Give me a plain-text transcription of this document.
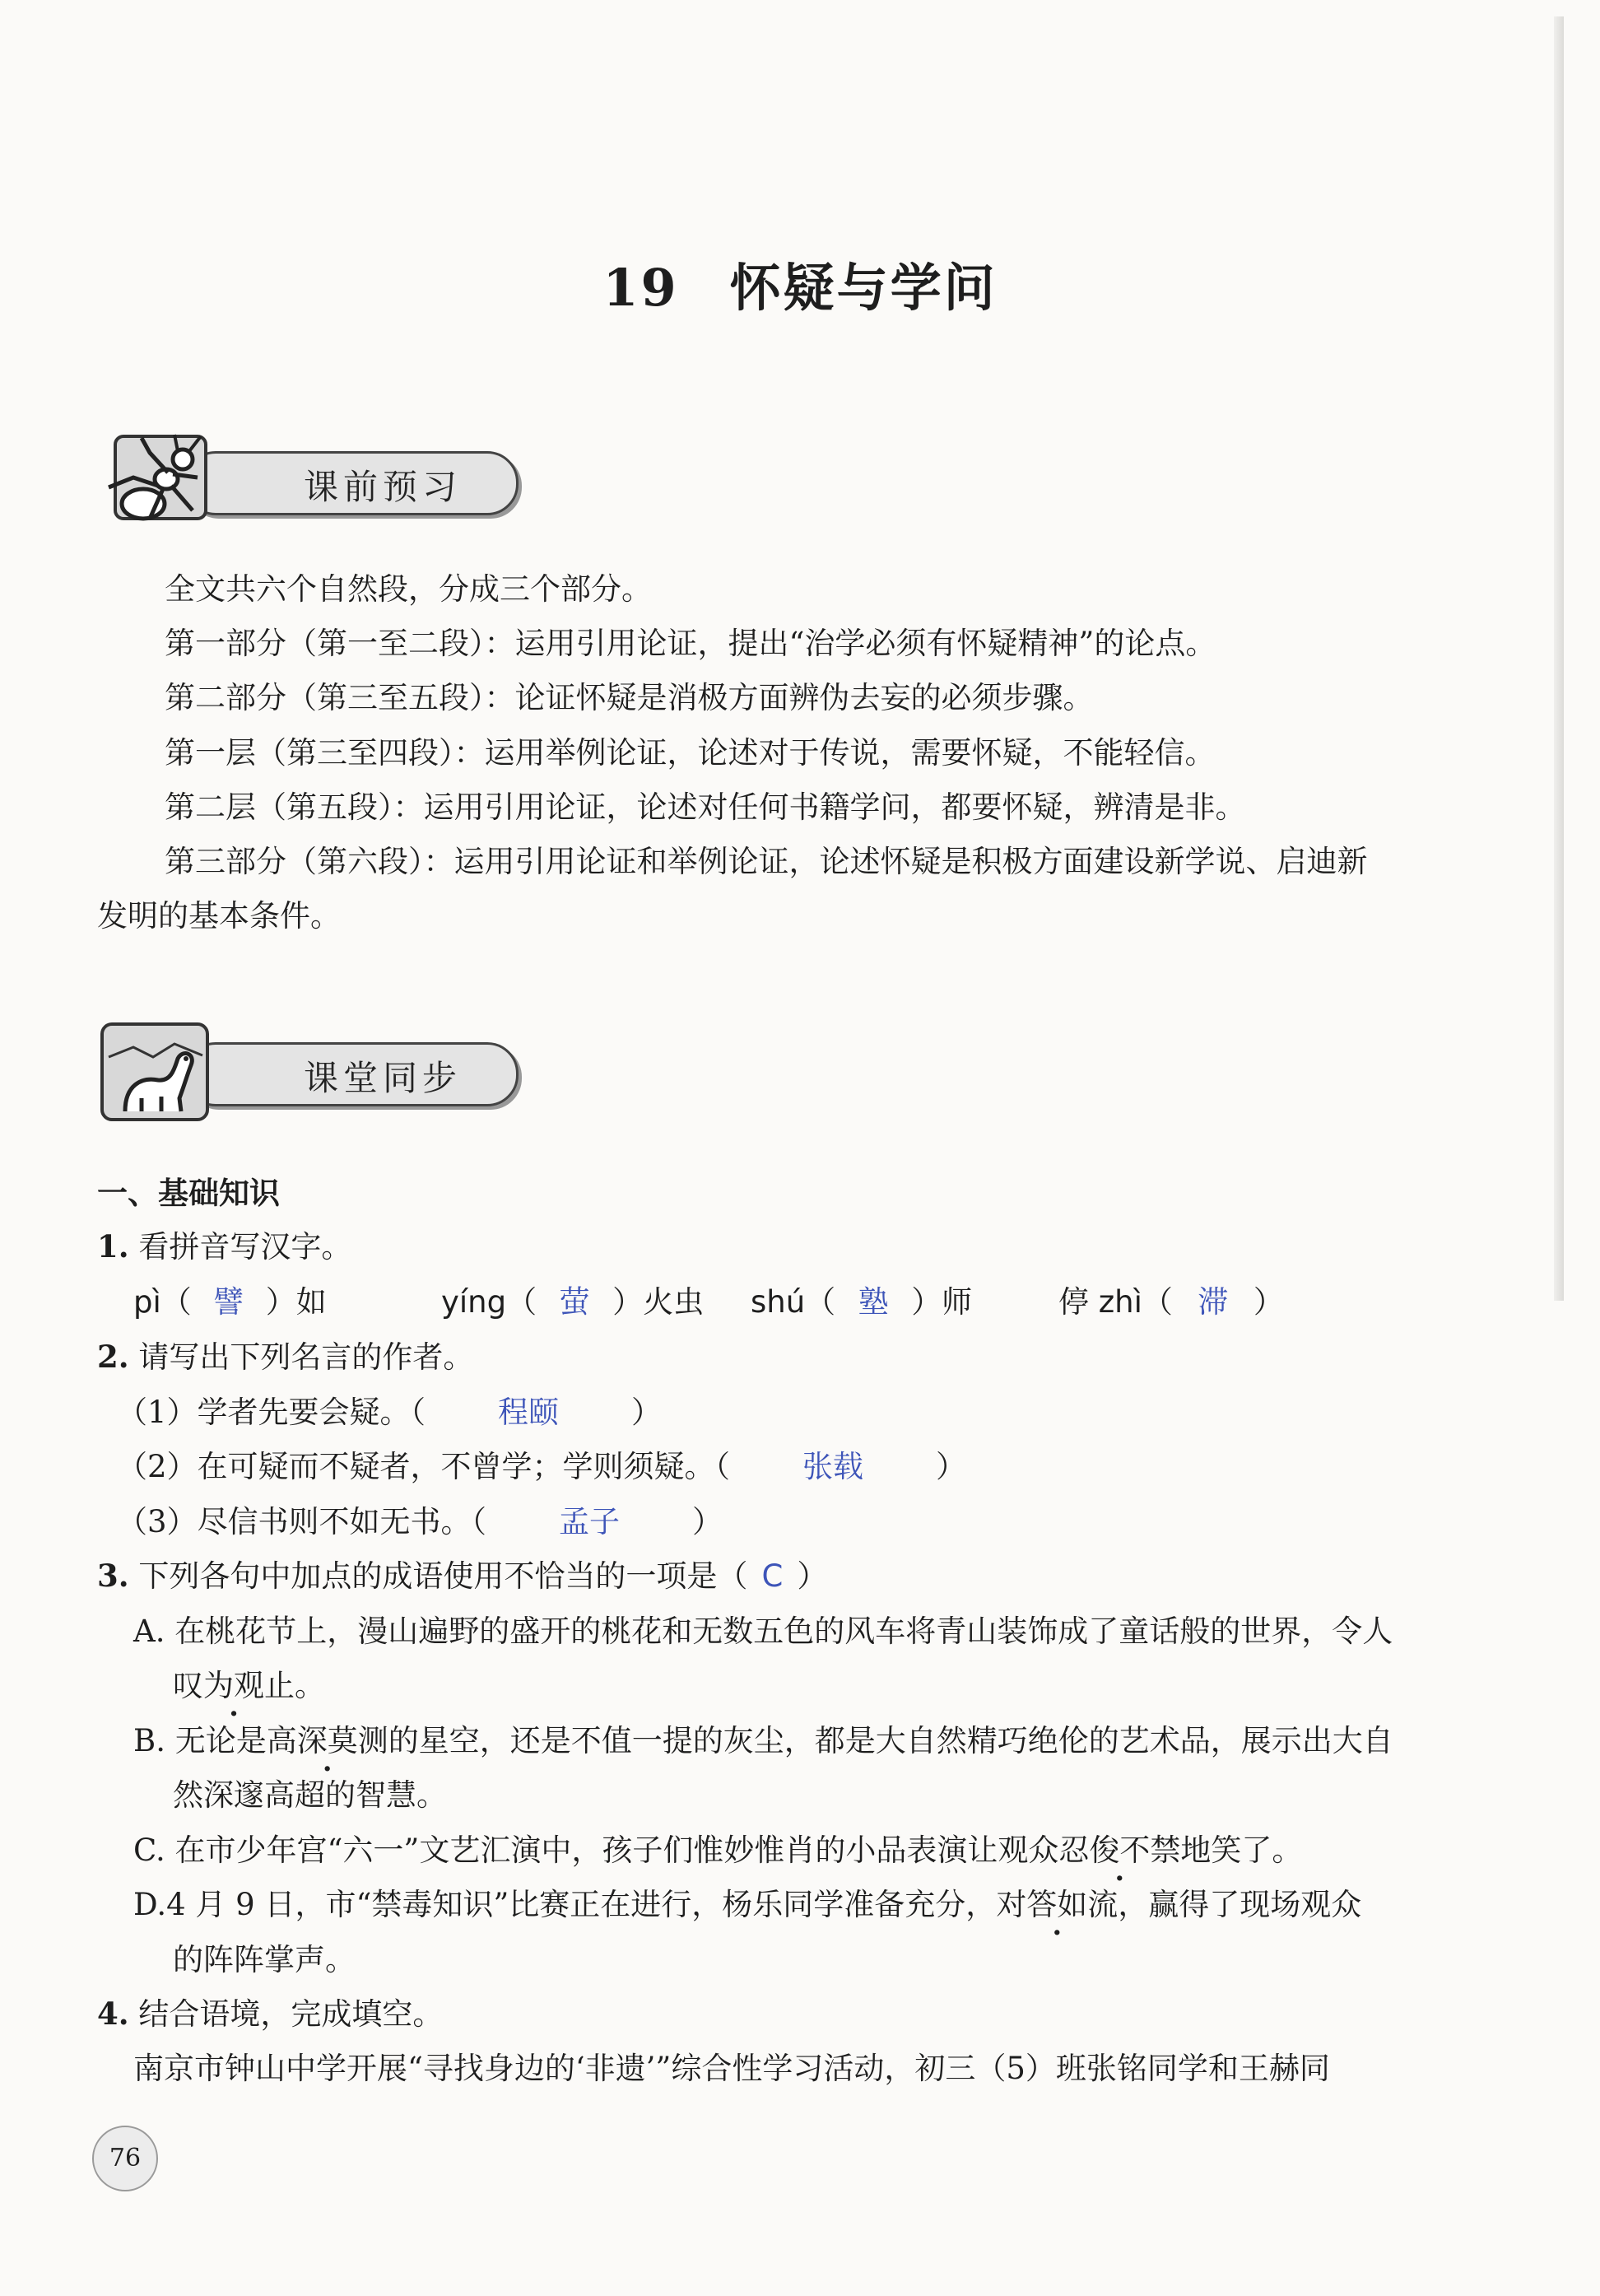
19 怀疑与学问
课前预习
全文共六个自然段，分成三个部分。
第一部分（第一至二段）：运用引用论证，提出“治学必须有怀疑精神”的论点。
第二部分（第三至五段）：论证怀疑是消极方面辨伪去妄的必须步骤。
第一层（第三至四段）：运用举例论证，论述对于传说，需要怀疑，不能轻信。
第二层（第五段）：运用引用论证，论述对任何书籍学问，都要怀疑，辨清是非。
第三部分（第六段）：运用引用论证和举例论证，论述怀疑是积极方面建设新学说、启迪新
发明的基本条件。
课堂同步
一、基础知识
1. 看拼音写汉字。
pì（ 譬 ）如	yíng（ 萤 ）火虫 shú（ 塾 ）师	停 zhì（ 滞 ）
2. 请写出下列名言的作者。
（1）学者先要会疑。（ 程颐 ）
（2）在可疑而不疑者，不曾学；学则须疑。（ 张载 ）
（3）尽信书则不如无书。（ 孟子 ）
3. 下列各句中加点的成语使用不恰当的一项是（ C ）
A. 在桃花节上，漫山遍野的盛开的桃花和无数五色的风车将青山装饰成了童话般的世界，令人
叹为观止。
B. 无论是高深莫测的星空，还是不值一提的灰尘，都是大自然精巧绝伦的艺术品，展示出大自
然深邃高超的智慧。
C. 在市少年宫“六一”文艺汇演中，孩子们惟妙惟肖的小品表演让观众忍俊不禁地笑了。
D.4 月 9 日，市“禁毒知识”比赛正在进行，杨乐同学准备充分，对答如流，赢得了现场观众
的阵阵掌声。
4. 结合语境，完成填空。
南京市钟山中学开展“寻找身边的‘非遗’”综合性学习活动，初三（5）班张铭同学和王赫同
76
